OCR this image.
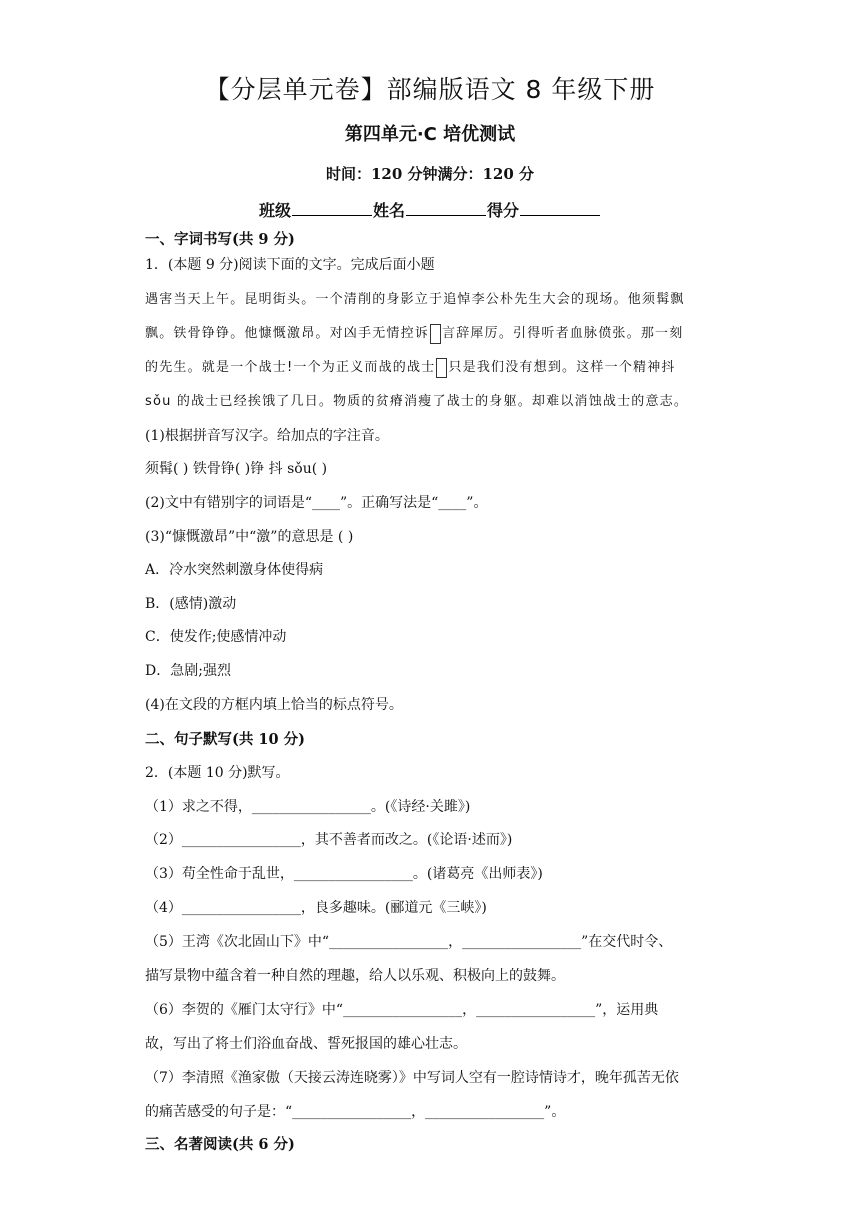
【分层单元卷】部编版语文 8 年级下册
第四单元·C 培优测试
时间：120 分钟满分：120 分
班级	姓名	得分
一、字词书写(共 9 分)
1．(本题 9 分)阅读下面的文字。完成后面小题
遇害当天上午。昆明街头。一个清削的身影立于追悼李公朴先生大会的现场。他须髯飘
飘。铁骨铮铮。他慷慨激昂。对凶手无情控诉 言辞犀厉。引得听者血脉偾张。那一刻
的先生。就是一个战士!一个为正义而战的战士 只是我们没有想到。这样一个精神抖
sǒu 的战士已经挨饿了几日。物质的贫瘠消瘦了战士的身躯。却难以消蚀战士的意志。
(1)根据拼音写汉字。给加点的字注音。
须髯( ) 铁骨铮( )铮 抖 sǒu( )
(2)文中有错别字的词语是“____”。正确写法是“____”。
(3)“慷慨激昂”中“激”的意思是 ( )
A．冷水突然刺激身体使得病
B．(感情)激动
C．使发作;使感情冲动
D．急剧;强烈
(4)在文段的方框内填上恰当的标点符号。
二、句子默写(共 10 分)
2．(本题 10 分)默写。
（1）求之不得，_________________。(《诗经·关雎》)
（2）_________________，其不善者而改之。(《论语·述而》)
（3）苟全性命于乱世，_________________。(诸葛亮《出师表》)
（4）_________________，良多趣味。(郦道元《三峡》)
（5）王湾《次北固山下》中“_________________，_________________”在交代时令、
描写景物中蕴含着一种自然的理趣，给人以乐观、积极向上的鼓舞。
（6）李贺的《雁门太守行》中“_________________，_________________”，运用典
故，写出了将士们浴血奋战、誓死报国的雄心壮志。
（7）李清照《渔家傲（天接云涛连晓雾）》中写词人空有一腔诗情诗才，晚年孤苦无依
的痛苦感受的句子是：“_________________，_________________”。
三、名著阅读(共 6 分)
